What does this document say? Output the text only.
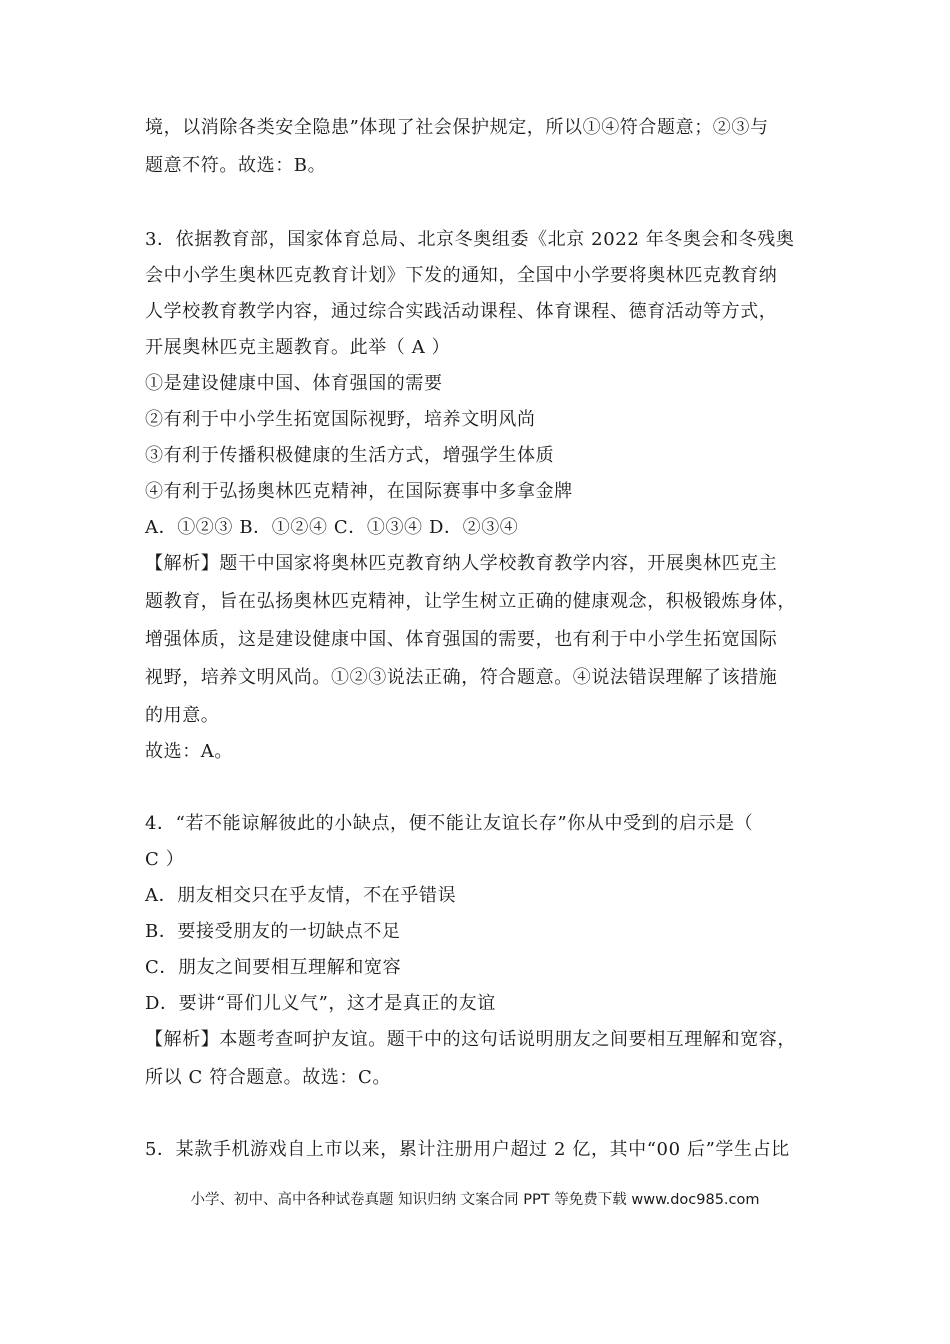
境，以消除各类安全隐患”体现了社会保护规定，所以①④符合题意；②③与
题意不符。故选：B。
3．依据教育部，国家体育总局、北京冬奥组委《北京 2022 年冬奥会和冬残奥
会中小学生奥林匹克教育计划》下发的通知，全国中小学要将奥林匹克教育纳
人学校教育教学内容，通过综合实践活动课程、体育课程、德育活动等方式，
开展奥林匹克主题教育。此举（ A ）
①是建设健康中国、体育强国的需要
②有利于中小学生拓宽国际视野，培养文明风尚
③有利于传播积极健康的生活方式，增强学生体质
④有利于弘扬奥林匹克精神，在国际赛事中多拿金牌
A．①②③ B．①②④ C．①③④ D．②③④
【解析】题干中国家将奥林匹克教育纳人学校教育教学内容，开展奥林匹克主
题教育，旨在弘扬奥林匹克精神，让学生树立正确的健康观念，积极锻炼身体，
增强体质，这是建设健康中国、体育强国的需要，也有利于中小学生拓宽国际
视野，培养文明风尚。①②③说法正确，符合题意。④说法错误理解了该措施
的用意。
故选：A。
4．“若不能谅解彼此的小缺点，便不能让友谊长存”你从中受到的启示是（
C ）
A．朋友相交只在乎友情，不在乎错误
B．要接受朋友的一切缺点不足
C．朋友之间要相互理解和宽容
D．要讲“哥们儿义气”，这才是真正的友谊
【解析】本题考查呵护友谊。题干中的这句话说明朋友之间要相互理解和宽容，
所以 C 符合题意。故选：C。
5．某款手机游戏自上市以来，累计注册用户超过 2 亿，其中“00 后”学生占比
小学、初中、高中各种试卷真题 知识归纳 文案合同 PPT 等免费下载 www.doc985.com
